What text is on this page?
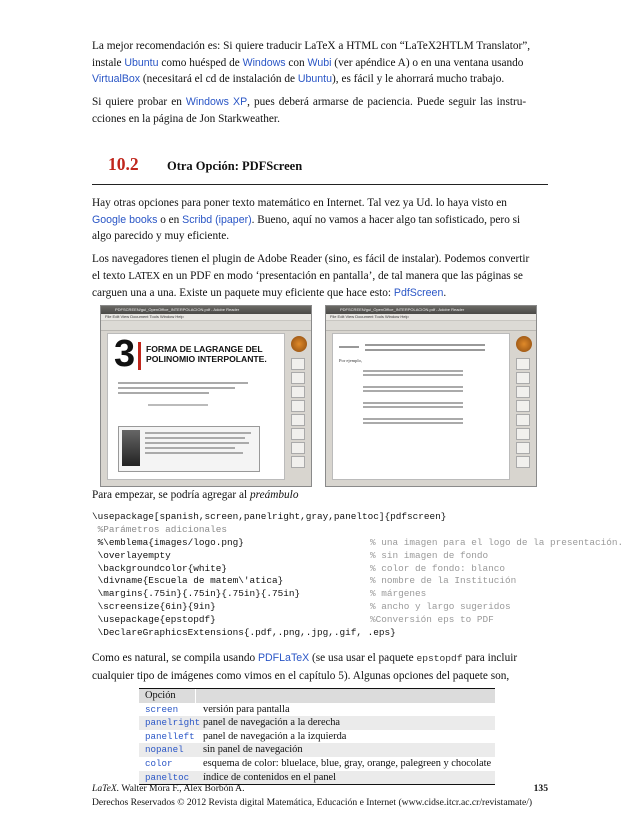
La mejor recomendación es: Si quiere traducir LaTeX a HTML con “LaTeX2HTLM Translator”,
instale Ubuntu como huésped de Windows con Wubi (ver apéndice A) o en una ventana usando
VirtualBox (necesitará el cd de instalación de Ubuntu), es fácil y le ahorrará mucho trabajo.
Si quiere probar en Windows XP, pues deberá armarse de paciencia. Puede seguir las instru-
cciones en la página de Jon Starkweather.
10.2 Otra Opción: PDFScreen
Hay otras opciones para poner texto matemático en Internet. Tal vez ya Ud. lo haya visto en
Google books o en Scribd (ipaper). Bueno, aquí no vamos a hacer algo tan sofisticado, pero si
algo parecido y muy eficiente.
Los navegadores tienen el plugin de Adobe Reader (sino, es fácil de instalar). Podemos convertir
el texto LATEX en un PDF en modo ‘presentación en pantalla’, de tal manera que las páginas se
carguen una a una. Existe un paquete muy eficiente que hace esto: PdfScreen.
PDFSCREEN/gui_OpenOffice_INTERPOLACION.pdf - Adobe Reader
File Edit View Document Tools Window Help
3 FORMA DE LAGRANGE DEL
POLINOMIO INTERPOLANTE.
PDFSCREEN/gui_OpenOffice_INTERPOLACION.pdf - Adobe Reader
File Edit View Document Tools Window Help
Por ejemplo,
Para empezar, se podría agregar al preámbulo
\usepackage[spanish,screen,panelright,gray,paneltoc]{pdfscreen}
%Parámetros adicionales
%\emblema{images/logo.png}	% una imagen para el logo de la presentación.
\overlayempty	% sin imagen de fondo
\backgroundcolor{white}	% color de fondo: blanco
\divname{Escuela de matem\'atica}	% nombre de la Institución
\margins{.75in}{.75in}{.75in}{.75in}	% márgenes
\screensize{6in}{9in}	% ancho y largo sugeridos
\usepackage{epstopdf}	%Conversión eps to PDF
\DeclareGraphicsExtensions{.pdf,.png,.jpg,.gif, .eps}
Como es natural, se compila usando PDFLaTeX (se usa usar el paquete epstopdf para incluir
cualquier tipo de imágenes como vimos en el capítulo 5). Algunas opciones del paquete son,
Opción
screen versión para pantalla
panelright panel de navegación a la derecha
panelleft panel de navegación a la izquierda
nopanel sin panel de navegación
color	esquema de color: bluelace, blue, gray, orange, palegreen y chocolate
paneltoc índice de contenidos en el panel
LaTeX. Walter Mora F., Alex Borbón A.	135
Derechos Reservados © 2012 Revista digital Matemática, Educación e Internet (www.cidse.itcr.ac.cr/revistamate/)
